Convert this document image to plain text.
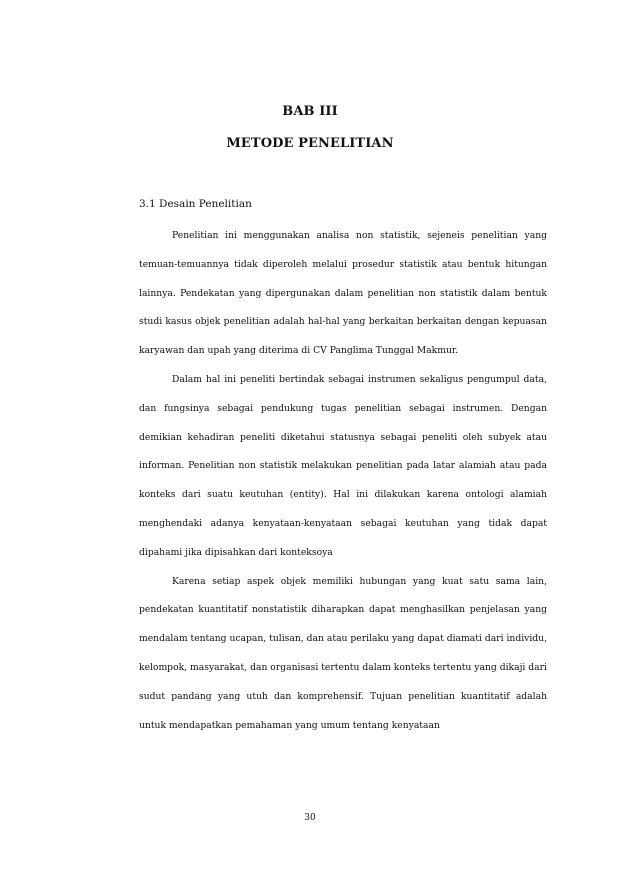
BAB III
METODE PENELITIAN
3.1 Desain Penelitian

Penelitian ini menggunakan analisa non statistik, sejeneis penelitian yang temuan-temuannya tidak diperoleh melalui prosedur statistik atau bentuk hitungan lainnya. Pendekatan yang dipergunakan dalam penelitian non statistik dalam bentuk studi kasus objek penelitian adalah hal-hal yang berkaitan berkaitan dengan kepuasan karyawan dan upah yang diterima di CV Panglima Tunggal Makmur.

Dalam hal ini peneliti bertindak sebagai instrumen sekaligus pengumpul data, dan fungsinya sebagai pendukung tugas penelitian sebagai instrumen. Dengan demikian kehadiran peneliti diketahui statusnya sebagai peneliti oleh subyek atau informan. Penelitian non statistik melakukan penelitian pada latar alamiah atau pada konteks dari suatu keutuhan (entity). Hal ini dilakukan karena ontologi alamiah menghendaki adanya kenyataan-kenyataan sebagai keutuhan yang tidak dapat dipahami jika dipisahkan dari konteksoya

Karena setiap aspek objek memiliki hubungan yang kuat satu sama lain, pendekatan kuantitatif nonstatistik diharapkan dapat menghasilkan penjelasan yang mendalam tentang ucapan, tulisan, dan atau perilaku yang dapat diamati dari individu, kelompok, masyarakat, dan organisasi tertentu dalam konteks tertentu yang dikaji dari sudut pandang yang utuh dan komprehensif. Tujuan penelitian kuantitatif adalah untuk mendapatkan pemahaman yang umum tentang kenyataan

30
